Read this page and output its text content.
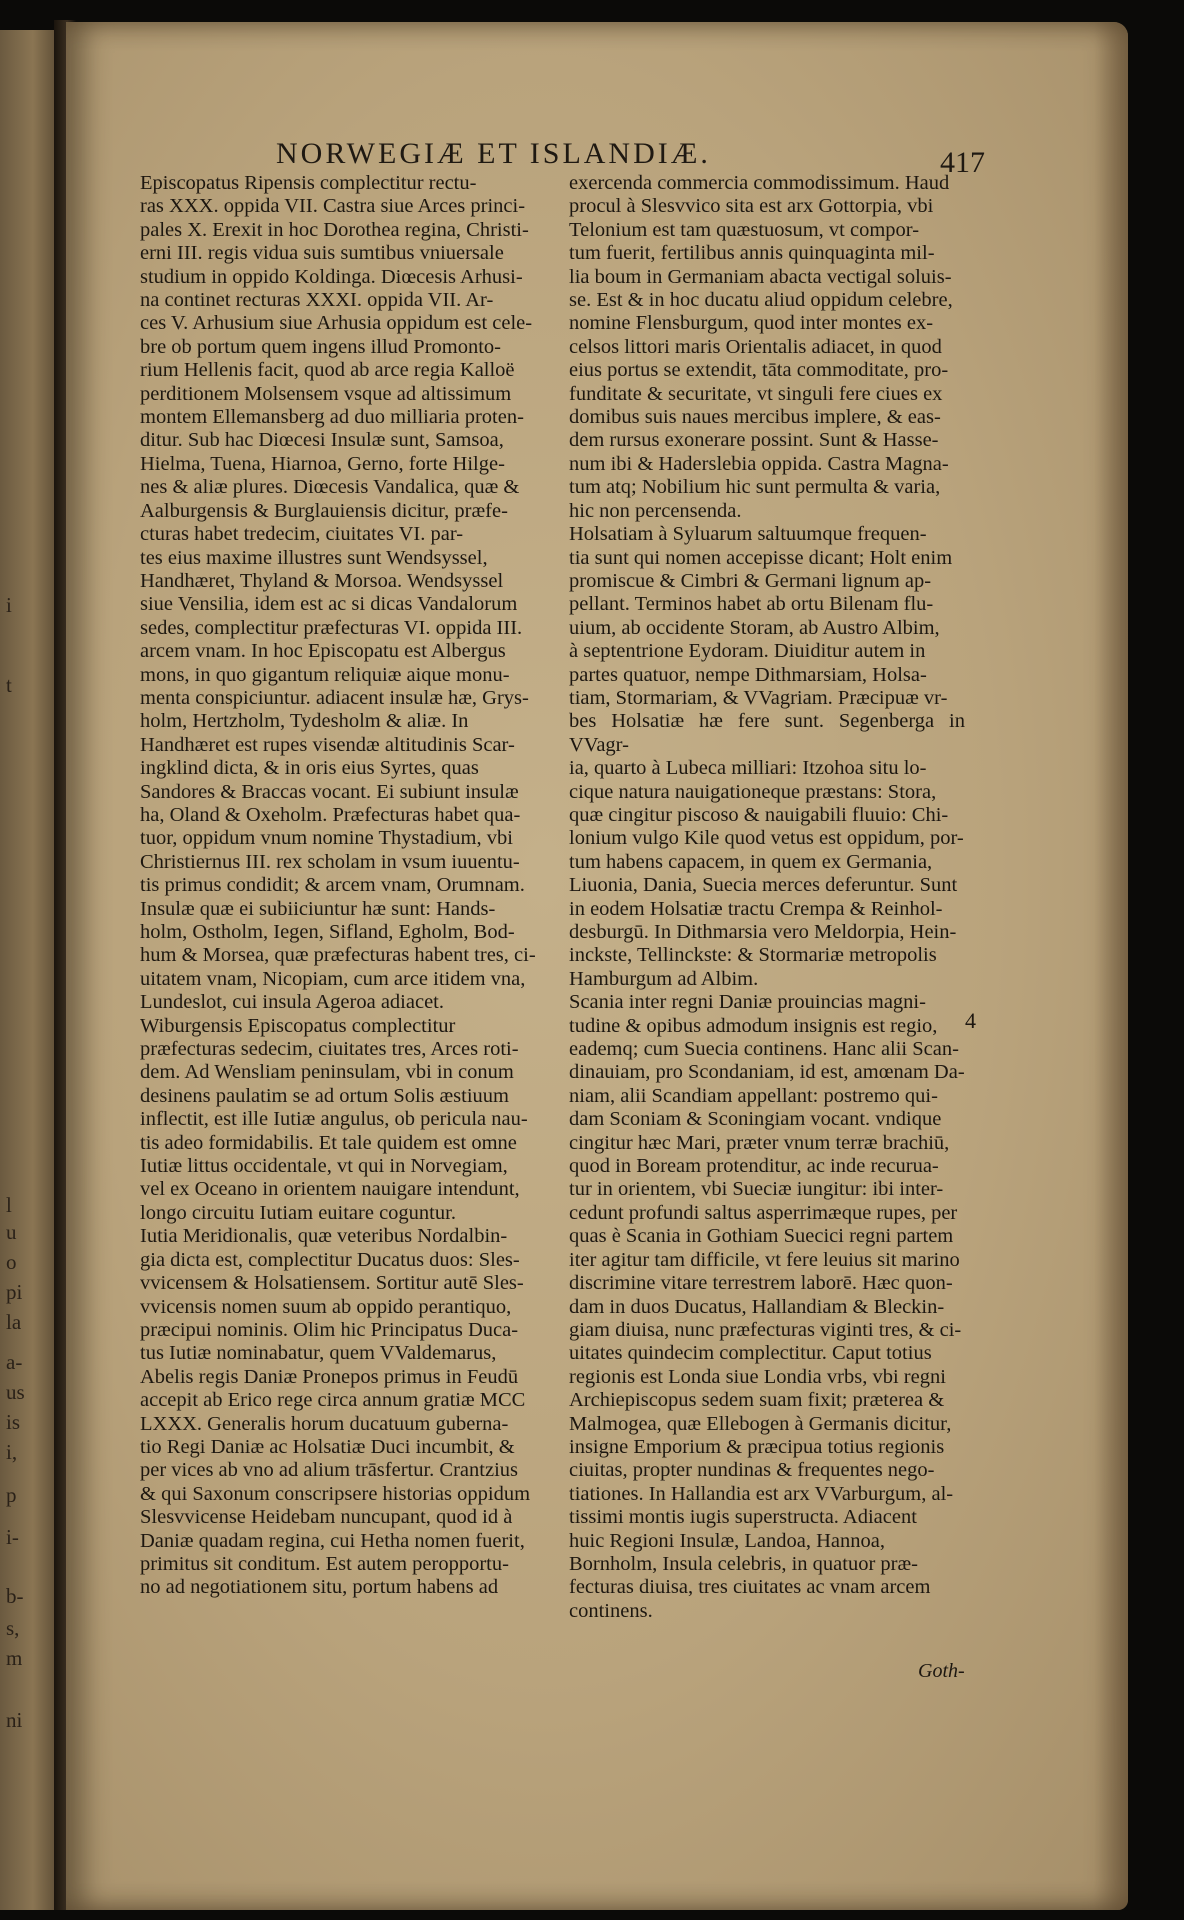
i
t
l
u
o
pi
la
a-
us
is
i,
p
i-
b-
s,
m
ni
NORWEGIÆ ET ISLANDIÆ.	417

Episcopatus Ripensis complectitur rectu-
ras XXX. oppida VII. Castra siue Arces princi-
pales X. Erexit in hoc Dorothea regina, Christi-
erni III. regis vidua suis sumtibus vniuersale
studium in oppido Koldinga. Diœcesis Arhusi-
na continet recturas XXXI. oppida VII. Ar-
ces V. Arhusium siue Arhusia oppidum est cele-
bre ob portum quem ingens illud Promonto-
rium Hellenis facit, quod ab arce regia Kalloë
perditionem Molsensem vsque ad altissimum
montem Ellemansberg ad duo milliaria proten-
ditur. Sub hac Diœcesi Insulæ sunt, Samsoa,
Hielma, Tuena, Hiarnoa, Gerno, forte Hilge-
nes & aliæ plures. Diœcesis Vandalica, quæ &
Aalburgensis & Burglauiensis dicitur, præfe-
cturas habet tredecim, ciuitates VI. par-
tes eius maxime illustres sunt Wendsyssel,
Handhæret, Thyland & Morsoa. Wendsyssel
siue Vensilia, idem est ac si dicas Vandalorum
sedes, complectitur præfecturas VI. oppida III.
arcem vnam. In hoc Episcopatu est Albergus
mons, in quo gigantum reliquiæ aique monu-
menta conspiciuntur. adiacent insulæ hæ, Grys-
holm, Hertzholm, Tydesholm & aliæ. In
Handhæret est rupes visendæ altitudinis Scar-
ingklind dicta, & in oris eius Syrtes, quas
Sandores & Braccas vocant. Ei subiunt insulæ
ha, Oland & Oxeholm. Præfecturas habet qua-
tuor, oppidum vnum nomine Thystadium, vbi
Christiernus III. rex scholam in vsum iuuentu-
tis primus condidit; & arcem vnam, Orumnam.
Insulæ quæ ei subiiciuntur hæ sunt: Hands-
holm, Ostholm, Iegen, Sifland, Egholm, Bod-
hum & Morsea, quæ præfecturas habent tres, ci-
uitatem vnam, Nicopiam, cum arce itidem vna,
Lundeslot, cui insula Ageroa adiacet.

Wiburgensis Episcopatus complectitur
præfecturas sedecim, ciuitates tres, Arces roti-
dem. Ad Wensliam peninsulam, vbi in conum
desinens paulatim se ad ortum Solis æstiuum
inflectit, est ille Iutiæ angulus, ob pericula nau-
tis adeo formidabilis. Et tale quidem est omne
Iutiæ littus occidentale, vt qui in Norvegiam,
vel ex Oceano in orientem nauigare intendunt,
longo circuitu Iutiam euitare coguntur.

Iutia Meridionalis, quæ veteribus Nordalbin-
gia dicta est, complectitur Ducatus duos: Sles-
vvicensem & Holsatiensem. Sortitur autē Sles-
vvicensis nomen suum ab oppido perantiquo,
præcipui nominis. Olim hic Principatus Duca-
tus Iutiæ nominabatur, quem VValdemarus,
Abelis regis Daniæ Pronepos primus in Feudū
accepit ab Erico rege circa annum gratiæ MCC
LXXX. Generalis horum ducatuum guberna-
tio Regi Daniæ ac Holsatiæ Duci incumbit, &
per vices ab vno ad alium trāsfertur. Crantzius
& qui Saxonum conscripsere historias oppidum
Slesvvicense Heidebam nuncupant, quod id à
Daniæ quadam regina, cui Hetha nomen fuerit,
primitus sit conditum. Est autem peropportu-
no ad negotiationem situ, portum habens ad

exercenda commercia commodissimum. Haud
procul à Slesvvico sita est arx Gottorpia, vbi
Telonium est tam quæstuosum, vt compor-
tum fuerit, fertilibus annis quinquaginta mil-
lia boum in Germaniam abacta vectigal soluis-
se. Est & in hoc ducatu aliud oppidum celebre,
nomine Flensburgum, quod inter montes ex-
celsos littori maris Orientalis adiacet, in quod
eius portus se extendit, tāta commoditate, pro-
funditate & securitate, vt singuli fere ciues ex
domibus suis naues mercibus implere, & eas-
dem rursus exonerare possint. Sunt & Hasse-
num ibi & Haderslebia oppida. Castra Magna-
tum atq; Nobilium hic sunt permulta & varia,
hic non percensenda.

Holsatiam à Syluarum saltuumque frequen-
tia sunt qui nomen accepisse dicant; Holt enim
promiscue & Cimbri & Germani lignum ap-
pellant. Terminos habet ab ortu Bilenam flu-
uium, ab occidente Storam, ab Austro Albim,
à septentrione Eydoram. Diuiditur autem in
partes quatuor, nempe Dithmarsiam, Holsa-
tiam, Stormariam, & VVagriam. Præcipuæ vr-
bes Holsatiæ hæ fere sunt. Segenberga in VVagr-
ia, quarto à Lubeca milliari: Itzohoa situ lo-
cique natura nauigationeque præstans: Stora,
quæ cingitur piscoso & nauigabili fluuio: Chi-
lonium vulgo Kile quod vetus est oppidum, por-
tum habens capacem, in quem ex Germania,
Liuonia, Dania, Suecia merces deferuntur. Sunt
in eodem Holsatiæ tractu Crempa & Reinhol-
desburgū. In Dithmarsia vero Meldorpia, Hein-
inckste, Tellinckste: & Stormariæ metropolis
Hamburgum ad Albim.

Scania inter regni Daniæ prouincias magni-
tudine & opibus admodum insignis est regio,
eademq; cum Suecia continens. Hanc alii Scan-
dinauiam, pro Scondaniam, id est, amœnam Da-
niam, alii Scandiam appellant: postremo qui-
dam Sconiam & Sconingiam vocant. vndique
cingitur hæc Mari, præter vnum terræ brachiū,
quod in Boream protenditur, ac inde recurua-
tur in orientem, vbi Sueciæ iungitur: ibi inter-
cedunt profundi saltus asperrimæque rupes, per
quas è Scania in Gothiam Suecici regni partem
iter agitur tam difficile, vt fere leuius sit marino
discrimine vitare terrestrem laborē. Hæc quon-
dam in duos Ducatus, Hallandiam & Bleckin-
giam diuisa, nunc præfecturas viginti tres, & ci-
uitates quindecim complectitur. Caput totius
regionis est Londa siue Londia vrbs, vbi regni
Archiepiscopus sedem suam fixit; præterea &
Malmogea, quæ Ellebogen à Germanis dicitur,
insigne Emporium & præcipua totius regionis
ciuitas, propter nundinas & frequentes nego-
tiationes. In Hallandia est arx VVarburgum, al-
tissimi montis iugis superstructa. Adiacent
huic Regioni Insulæ, Landoa, Hannoa,
Bornholm, Insula celebris, in quatuor præ-
fecturas diuisa, tres ciuitates ac vnam arcem
continens.

4
Goth-
